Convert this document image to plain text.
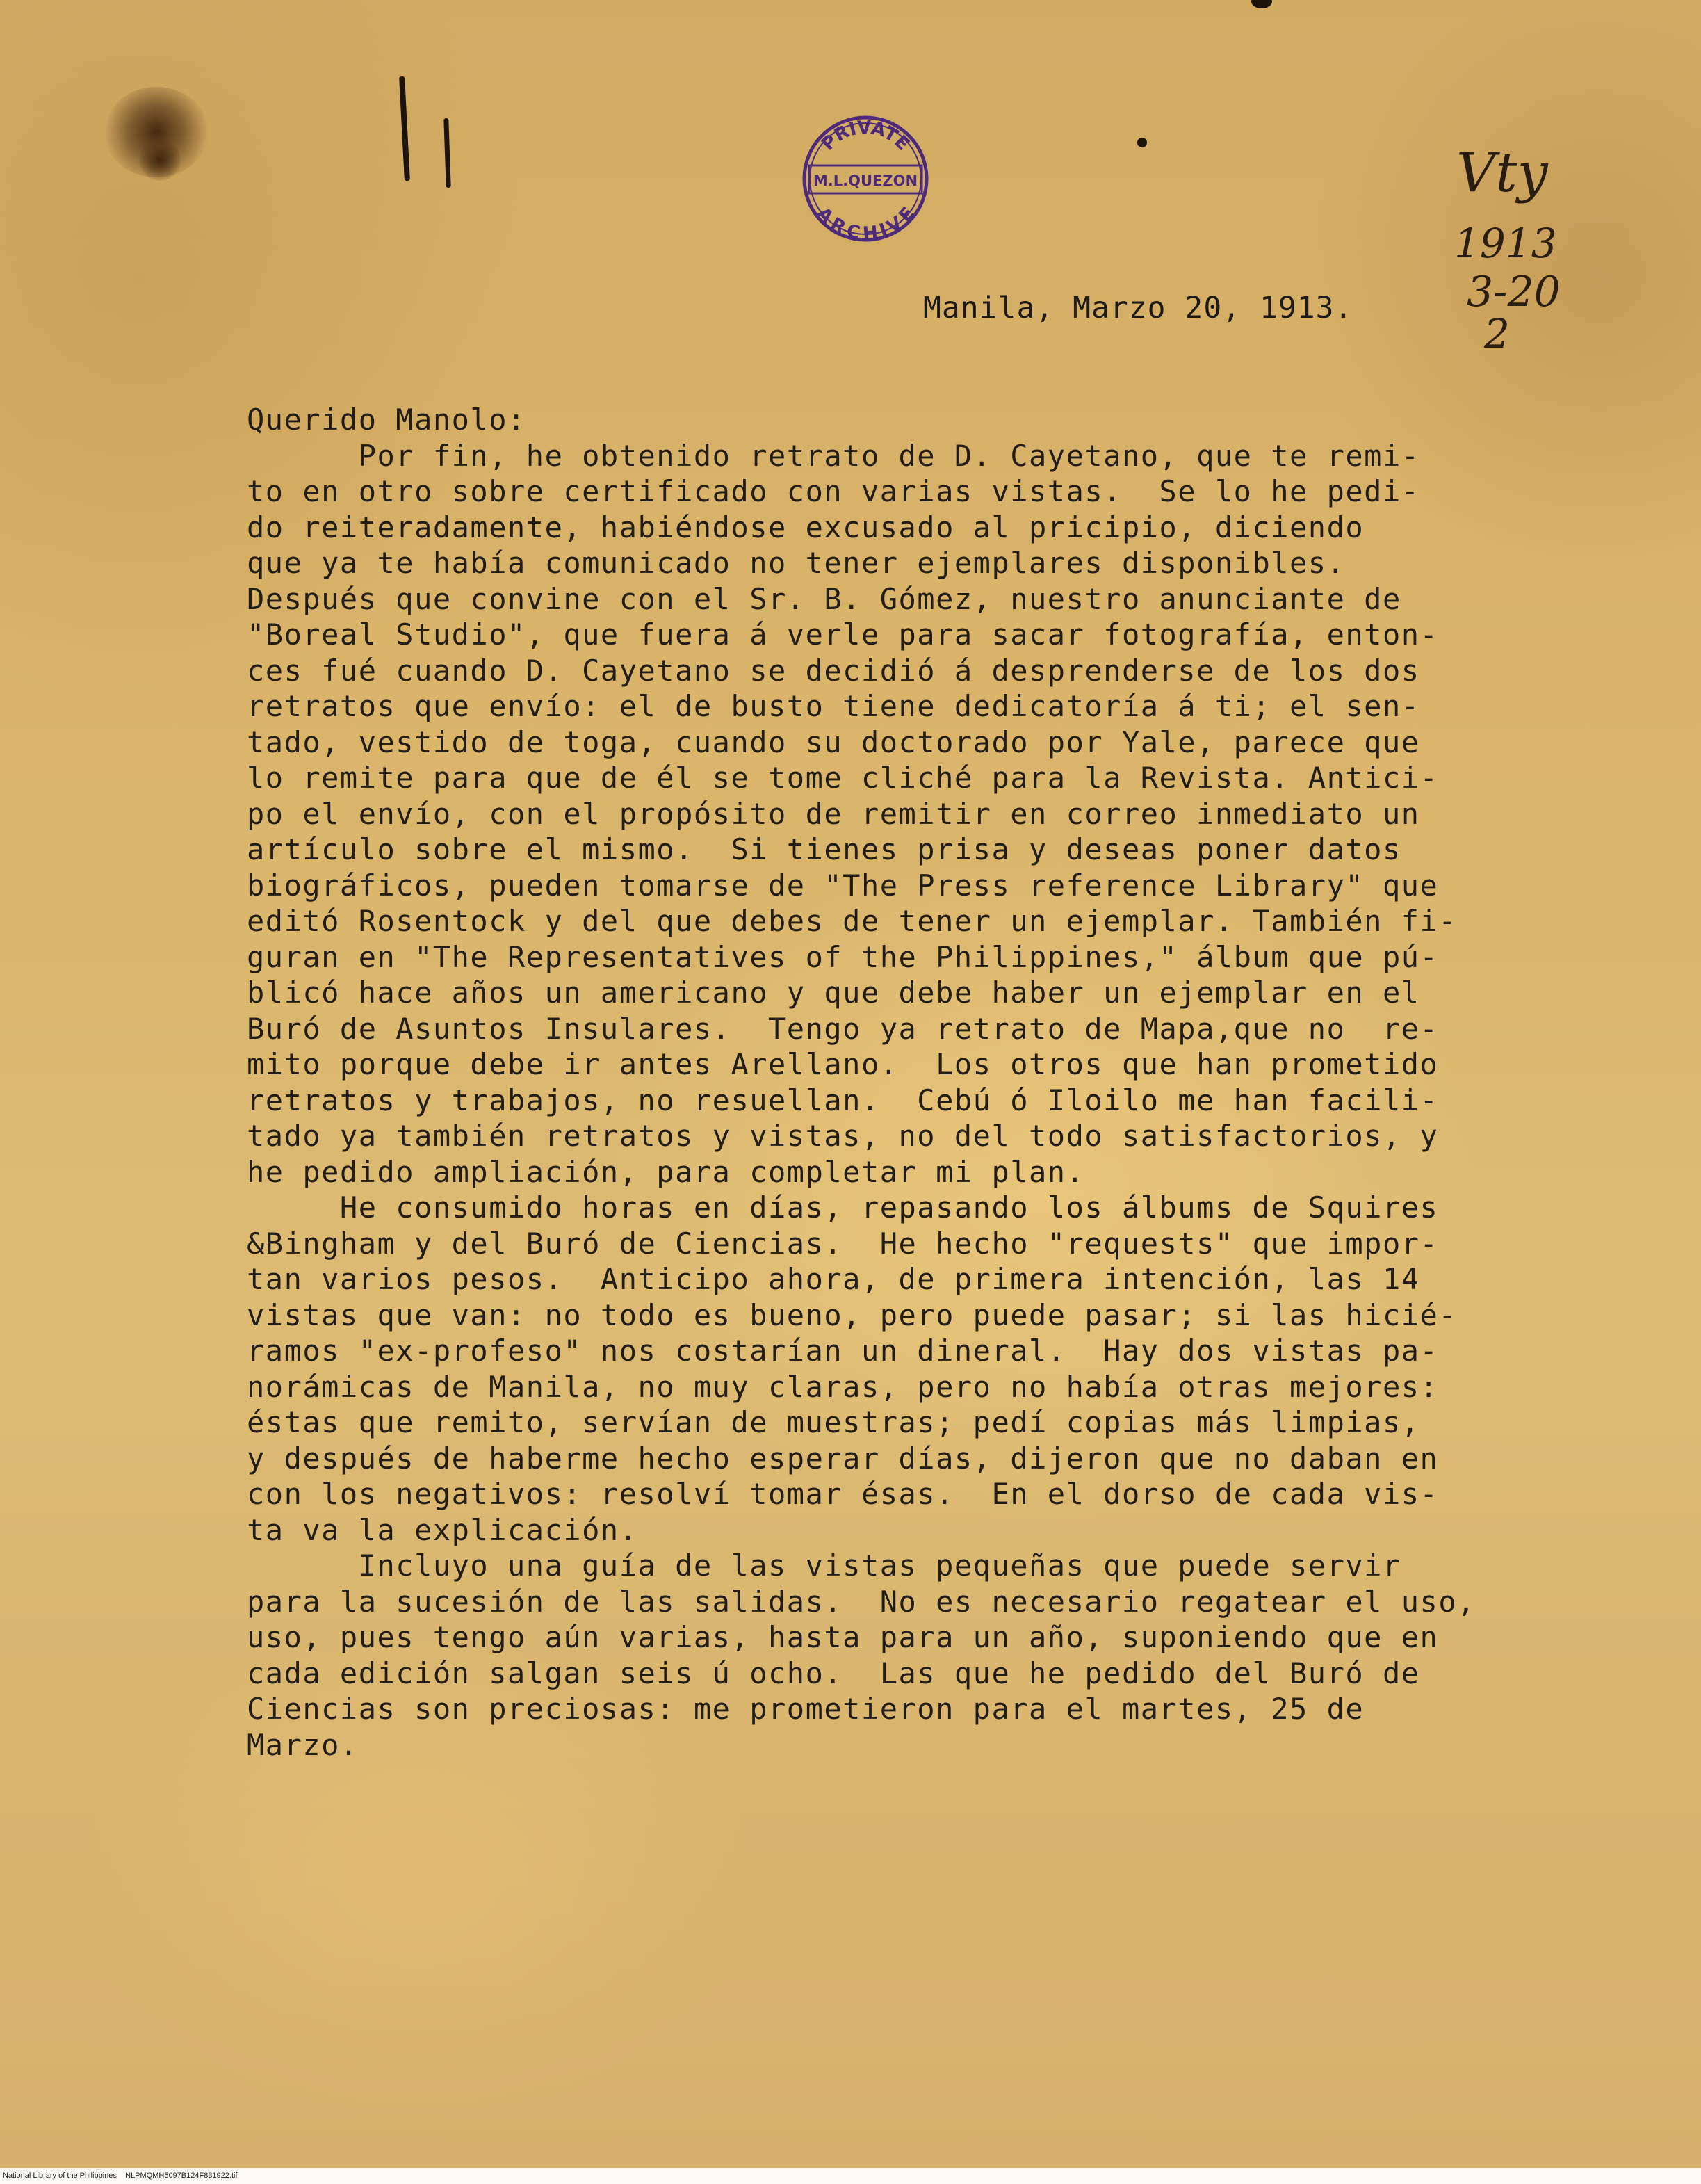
PRIVATE
M.L.QUEZON
ARCHIVE
Vty
1913
3-20
2
Manila, Marzo 20, 1913.

Querido Manolo:

Por fin, he obtenido retrato de D. Cayetano, que te remi-

to en otro sobre certificado con varias vistas.  Se lo he pedi-

do reiteradamente, habiéndose excusado al pricipio, diciendo

que ya te había comunicado no tener ejemplares disponibles.

Después que convine con el Sr. B. Gómez, nuestro anunciante de

"Boreal Studio", que fuera á verle para sacar fotografía, enton-

ces fué cuando D. Cayetano se decidió á desprenderse de los dos

retratos que envío: el de busto tiene dedicatoría á ti; el sen-

tado, vestido de toga, cuando su doctorado por Yale, parece que

lo remite para que de él se tome cliché para la Revista. Antici-

po el envío, con el propósito de remitir en correo inmediato un

artículo sobre el mismo.  Si tienes prisa y deseas poner datos

biográficos, pueden tomarse de "The Press reference Library" que

editó Rosentock y del que debes de tener un ejemplar. También fi-

guran en "The Representatives of the Philippines," álbum que pú-

blicó hace años un americano y que debe haber un ejemplar en el

Buró de Asuntos Insulares.  Tengo ya retrato de Mapa,que no  re-

mito porque debe ir antes Arellano.  Los otros que han prometido

retratos y trabajos, no resuellan.  Cebú ó Iloilo me han facili-

tado ya también retratos y vistas, no del todo satisfactorios, y

he pedido ampliación, para completar mi plan.

He consumido horas en días, repasando los álbums de Squires

&Bingham y del Buró de Ciencias.  He hecho "requests" que impor-

tan varios pesos.  Anticipo ahora, de primera intención, las 14

vistas que van: no todo es bueno, pero puede pasar; si las hicié-

ramos "ex-profeso" nos costarían un dineral.  Hay dos vistas pa-

norámicas de Manila, no muy claras, pero no había otras mejores:

éstas que remito, servían de muestras; pedí copias más limpias,

y después de haberme hecho esperar días, dijeron que no daban en

con los negativos: resolví tomar ésas.  En el dorso de cada vis-

ta va la explicación.

Incluyo una guía de las vistas pequeñas que puede servir

para la sucesión de las salidas.  No es necesario regatear el uso,

uso, pues tengo aún varias, hasta para un año, suponiendo que en

cada edición salgan seis ú ocho.  Las que he pedido del Buró de

Ciencias son preciosas: me prometieron para el martes, 25 de

Marzo.

National Library of the Philippines    NLPMQMH5097B124F831922.tif
